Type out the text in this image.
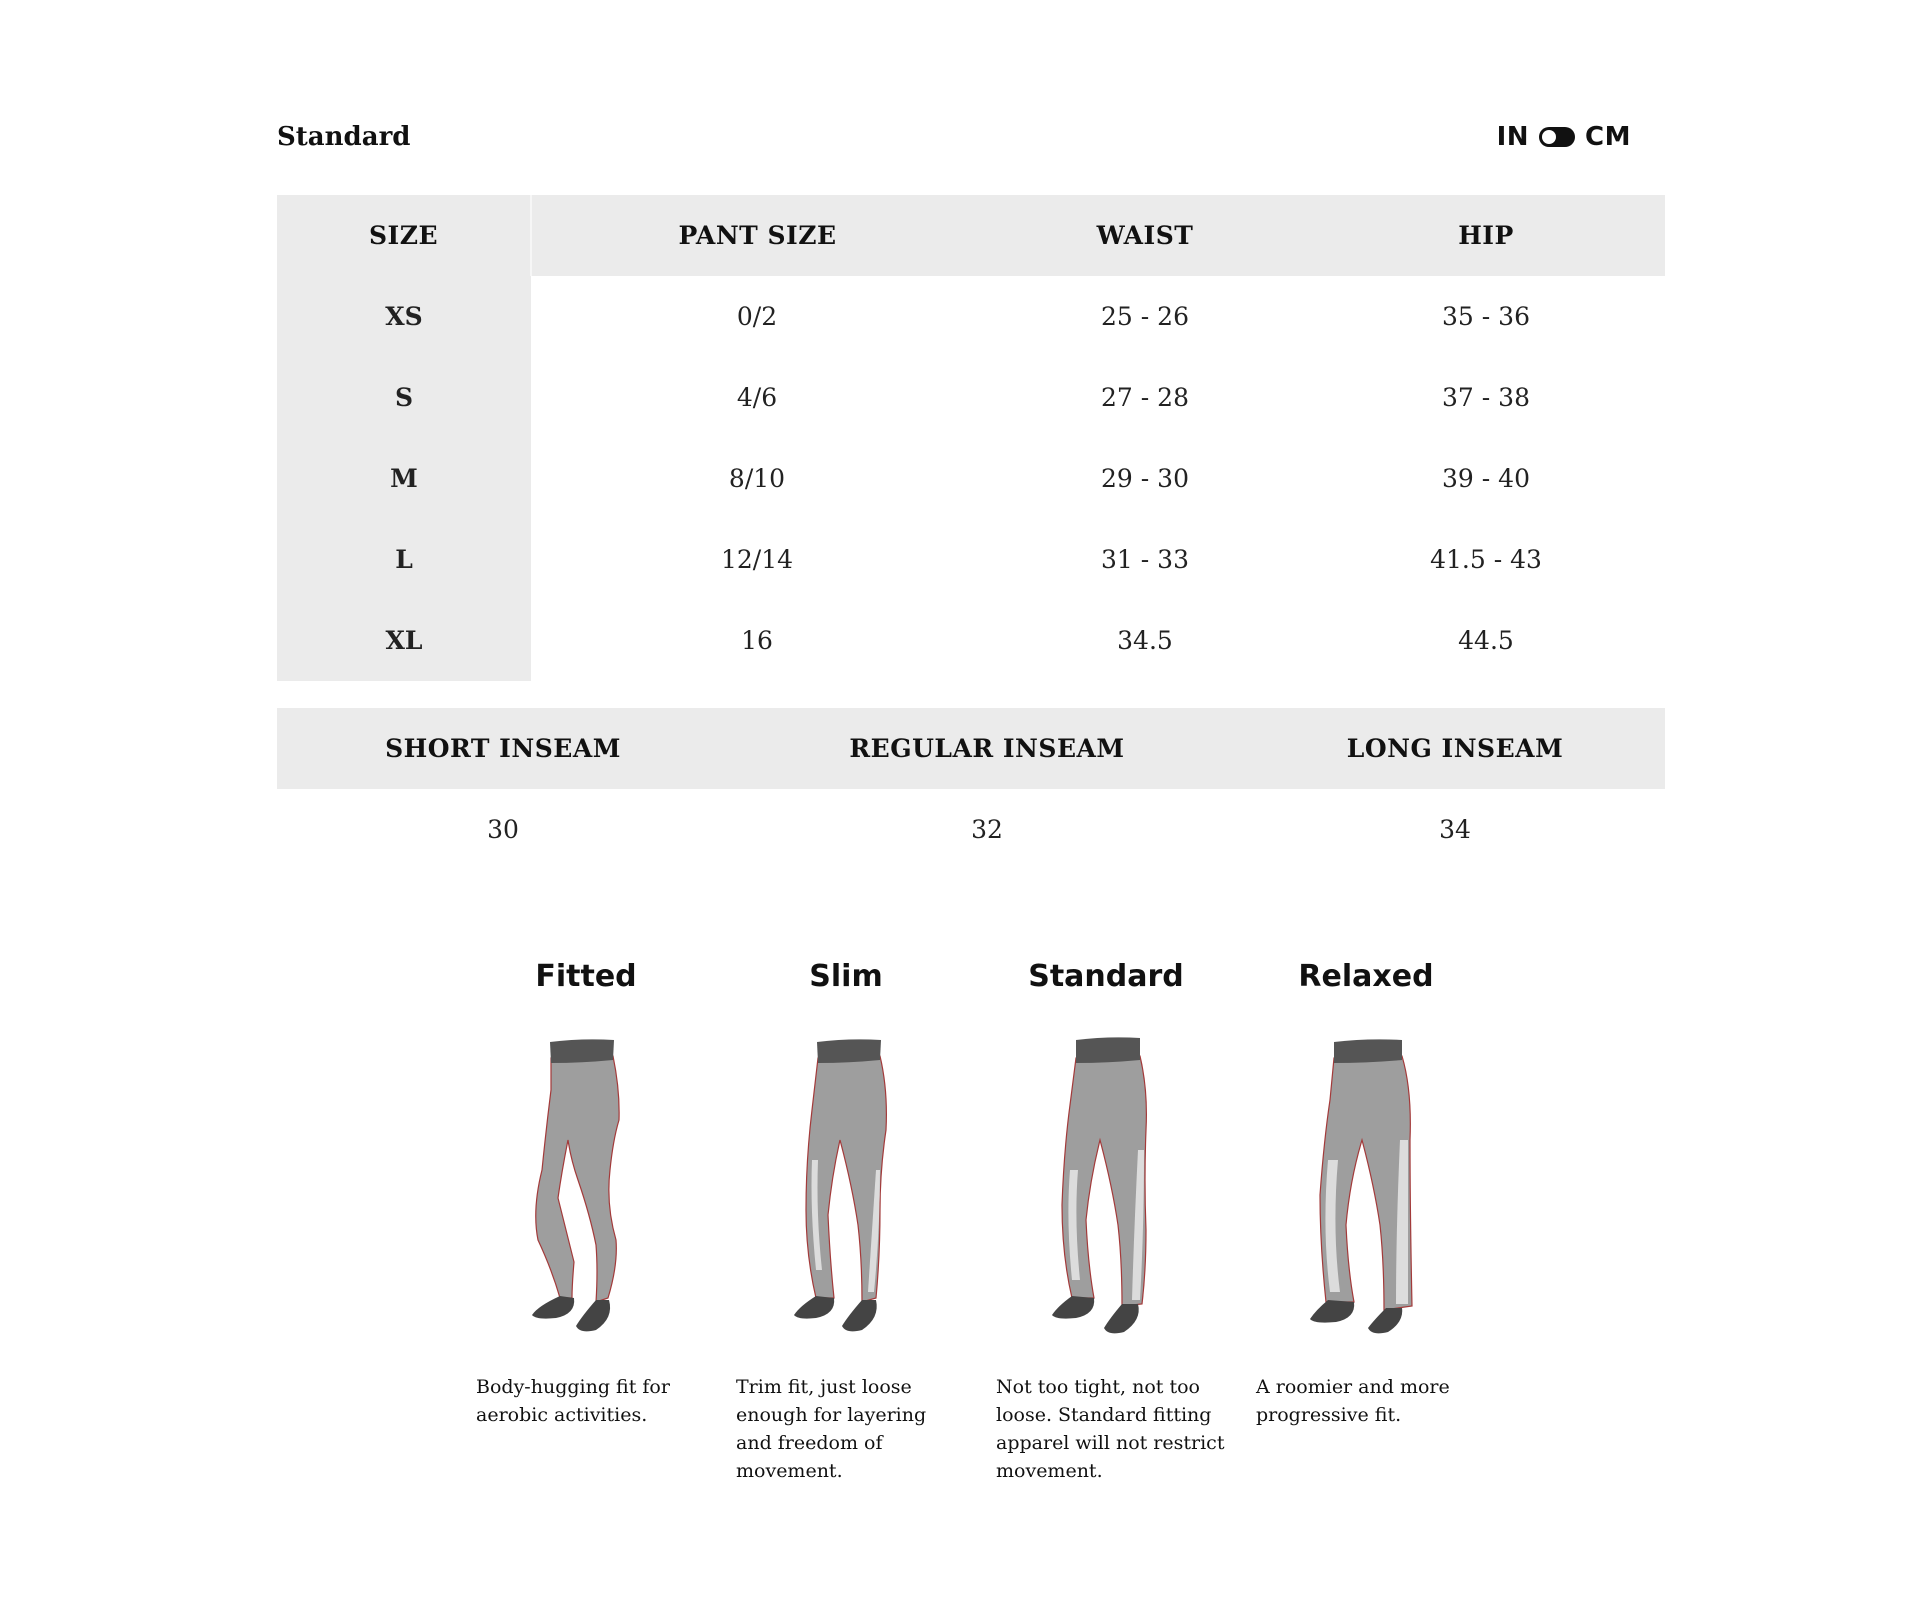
Standard	IN CM
SIZE	PANT SIZE	WAIST	HIP
XS	0/2	25 - 26	35 - 36
S	4/6	27 - 28	37 - 38
M	8/10	29 - 30	39 - 40
L	12/14	31 - 33	41.5 - 43
XL	16	34.5	44.5
SHORT INSEAM	REGULAR INSEAM	LONG INSEAM
30	32	34
Fitted
Body-hugging fit for aerobic activities.
Slim
Trim fit, just loose enough for layering and freedom of movement.
Standard
Not too tight, not too loose. Standard fitting apparel will not restrict movement.
Relaxed
A roomier and more progressive fit.
